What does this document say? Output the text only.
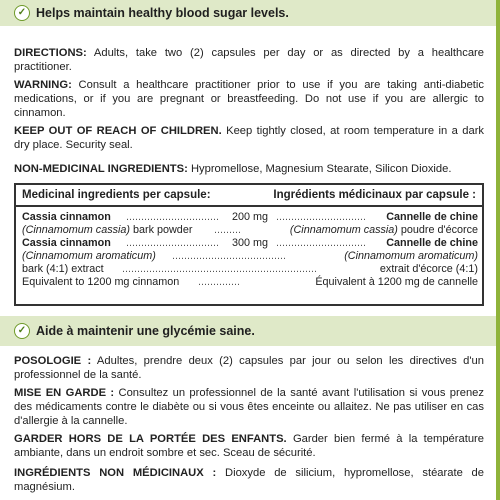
✓ Helps maintain healthy blood sugar levels.
DIRECTIONS: Adults, take two (2) capsules per day or as directed by a healthcare practitioner.
WARNING: Consult a healthcare practitioner prior to use if you are taking anti-diabetic medications, or if you are pregnant or breastfeeding. Do not use if you are allergic to cinnamon.
KEEP OUT OF REACH OF CHILDREN. Keep tightly closed, at room temperature in a dark dry place. Security seal.
NON-MEDICINAL INGREDIENTS: Hypromellose, Magnesium Stearate, Silicon Dioxide.
Medicinal ingredients per capsule:	Ingrédients médicinaux par capsule :
Cassia cinnamon ............................... 200 mg .............................. Cannelle de chine
(Cinnamomum cassia) bark powder .........	(Cinnamomum cassia) poudre d'écorce
Cassia cinnamon ............................... 300 mg .............................. Cannelle de chine
(Cinnamomum aromaticum) ......................................	(Cinnamomum aromaticum)
bark (4:1) extract .................................................................	extrait d'écorce (4:1)
Equivalent to 1200 mg cinnamon ..............	Équivalent à 1200 mg de cannelle
✓ Aide à maintenir une glycémie saine.
POSOLOGIE : Adultes, prendre deux (2) capsules par jour ou selon les directives d'un professionnel de la santé.
MISE EN GARDE : Consultez un professionnel de la santé avant l'utilisation si vous prenez des médicaments contre le diabète ou si vous êtes enceinte ou allaitez. Ne pas utiliser en cas d'allergie à la cannelle.
GARDER HORS DE LA PORTÉE DES ENFANTS. Garder bien fermé à la température ambiante, dans un endroit sombre et sec. Sceau de sécurité.
INGRÉDIENTS NON MÉDICINAUX : Dioxyde de silicium, hypromellose, stéarate de magnésium.
